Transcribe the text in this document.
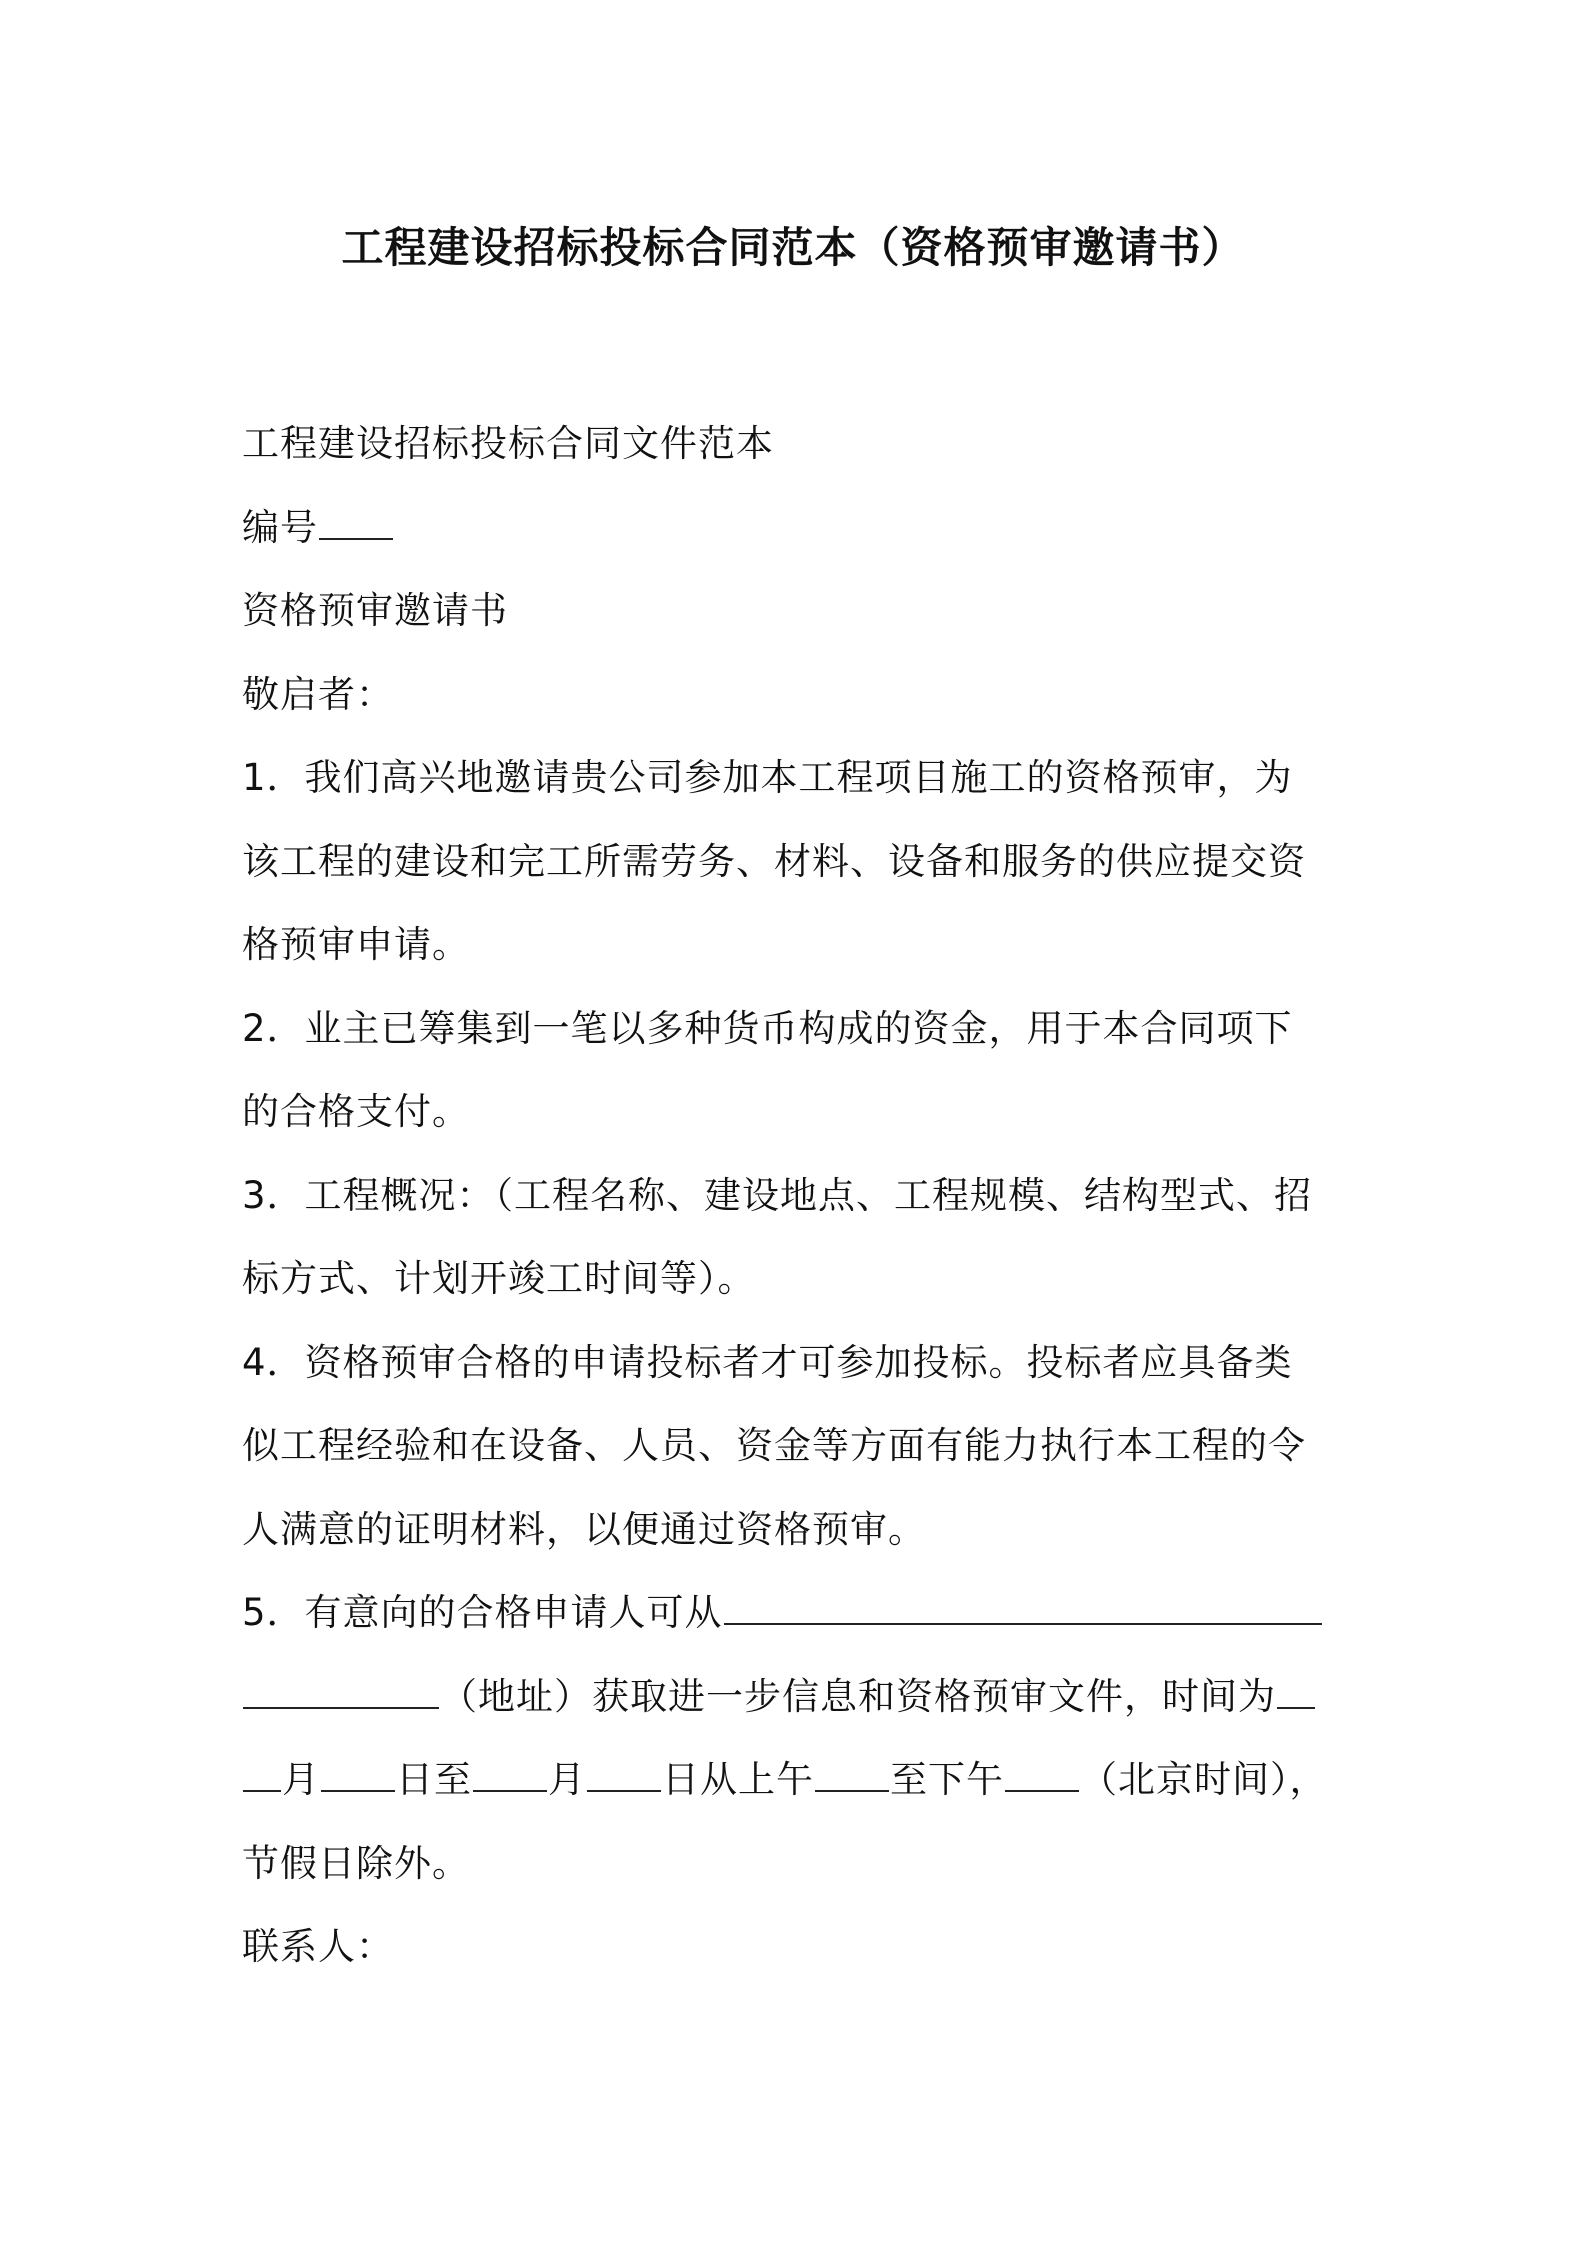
工程建设招标投标合同范本（资格预审邀请书）
工程建设招标投标合同文件范本
编号
资格预审邀请书
敬启者：
1．我们高兴地邀请贵公司参加本工程项目施工的资格预审，为
该工程的建设和完工所需劳务、材料、设备和服务的供应提交资
格预审申请。
2．业主已筹集到一笔以多种货币构成的资金，用于本合同项下
的合格支付。
3．工程概况：（工程名称、建设地点、工程规模、结构型式、招
标方式、计划开竣工时间等）。
4．资格预审合格的申请投标者才可参加投标。投标者应具备类
似工程经验和在设备、人员、资金等方面有能力执行本工程的令
人满意的证明材料，以便通过资格预审。
5．有意向的合格申请人可从
（地址）获取进一步信息和资格预审文件，时间为
月 日至 月 日从上午 至下午 （北京时间），
节假日除外。
联系人：
